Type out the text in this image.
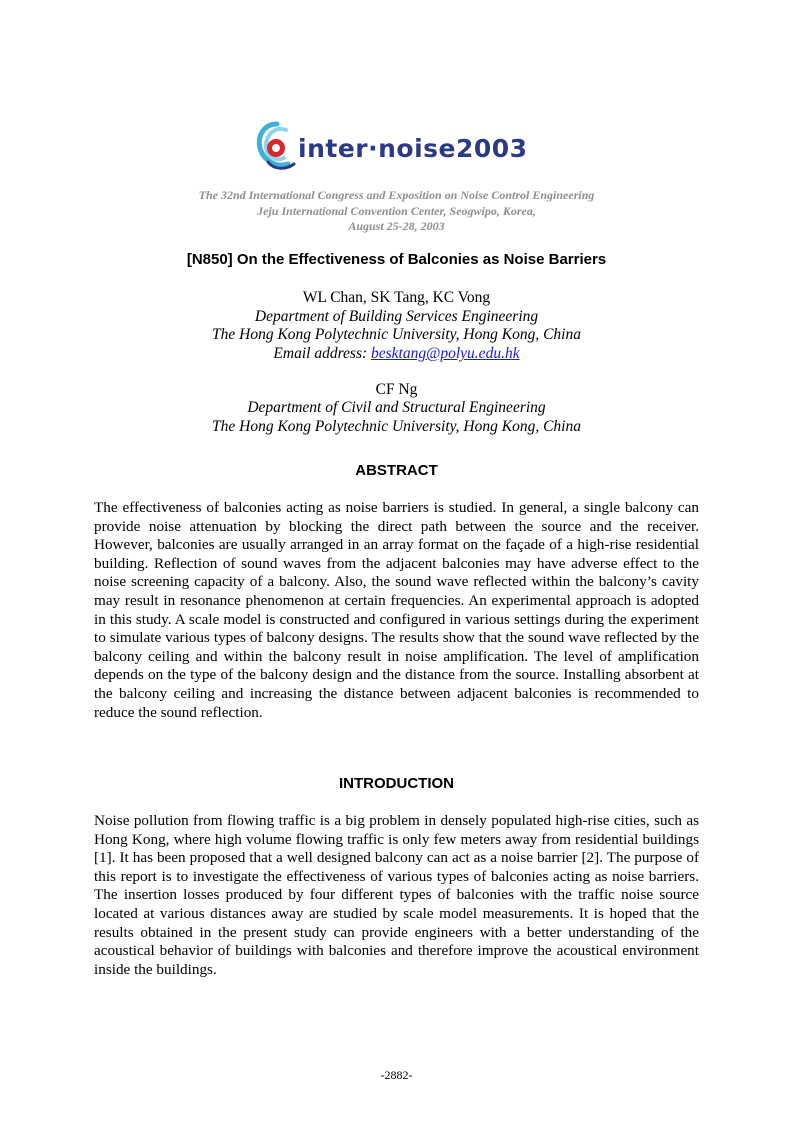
inter·noise2003
The 32nd International Congress and Exposition on Noise Control Engineering
Jeju International Convention Center, Seogwipo, Korea,
August 25-28, 2003
[N850] On the Effectiveness of Balconies as Noise Barriers
WL Chan, SK Tang, KC Vong
Department of Building Services Engineering
The Hong Kong Polytechnic University, Hong Kong, China
Email address: besktang@polyu.edu.hk
CF Ng
Department of Civil and Structural Engineering
The Hong Kong Polytechnic University, Hong Kong, China
ABSTRACT

The effectiveness of balconies acting as noise barriers is studied. In general, a single balcony can provide noise attenuation by blocking the direct path between the source and the receiver. However, balconies are usually arranged in an array format on the façade of a high-rise residential building. Reflection of sound waves from the adjacent balconies may have adverse effect to the noise screening capacity of a balcony. Also, the sound wave reflected within the balcony’s cavity may result in resonance phenomenon at certain frequencies. An experimental approach is adopted in this study. A scale model is constructed and configured in various settings during the experiment to simulate various types of balcony designs. The results show that the sound wave reflected by the balcony ceiling and within the balcony result in noise amplification. The level of amplification depends on the type of the balcony design and the distance from the source. Installing absorbent at the balcony ceiling and increasing the distance between adjacent balconies is recommended to reduce the sound reflection.

INTRODUCTION

Noise pollution from flowing traffic is a big problem in densely populated high-rise cities, such as Hong Kong, where high volume flowing traffic is only few meters away from residential buildings [1]. It has been proposed that a well designed balcony can act as a noise barrier [2]. The purpose of this report is to investigate the effectiveness of various types of balconies acting as noise barriers. The insertion losses produced by four different types of balconies with the traffic noise source located at various distances away are studied by scale model measurements. It is hoped that the results obtained in the present study can provide engineers with a better understanding of the acoustical behavior of buildings with balconies and therefore improve the acoustical environment inside the buildings.

-2882-
